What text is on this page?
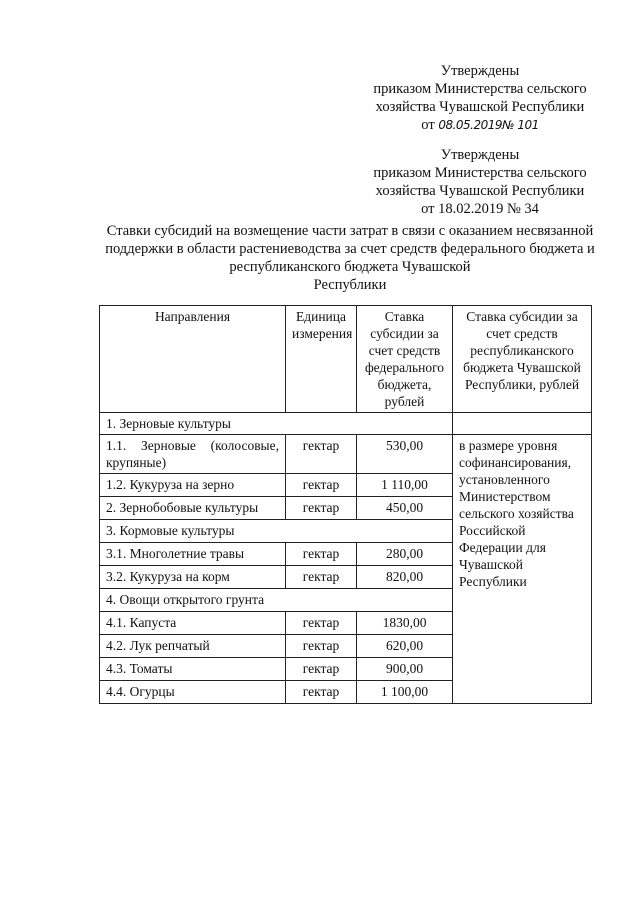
Утверждены
приказом Министерства сельского
хозяйства Чувашской Республики
от 08.05.2019№ 101
Утверждены
приказом Министерства сельского
хозяйства Чувашской Республики
от 18.02.2019 № 34
Ставки субсидий на возмещение части затрат в связи с оказанием несвязанной
поддержки в области растениеводства за счет средств федерального бюджета и
республиканского бюджета Чувашской
Республики
Направления	Единица измерения	Ставка субсидии за счет средств федерального бюджета, рублей	Ставка субсидии за счет средств республиканского бюджета Чувашской Республики, рублей
1. Зерновые культуры			

1.1. Зерновые (колосовые,
крупяные)	гектар	530,00	в размере уровня софинансирования, установленного Министерством сельского хозяйства Российской Федерации для Чувашской Республики
1.2. Кукуруза на зерно	гектар	1 110,00	
2. Зернобобовые культуры	гектар	450,00	
3. Кормовые культуры			
3.1. Многолетние травы	гектар	280,00	
3.2. Кукуруза на корм	гектар	820,00	
4. Овощи открытого грунта			
4.1. Капуста	гектар	1830,00	
4.2. Лук репчатый	гектар	620,00	
4.3. Томаты	гектар	900,00	
4.4. Огурцы	гектар	1 100,00	
